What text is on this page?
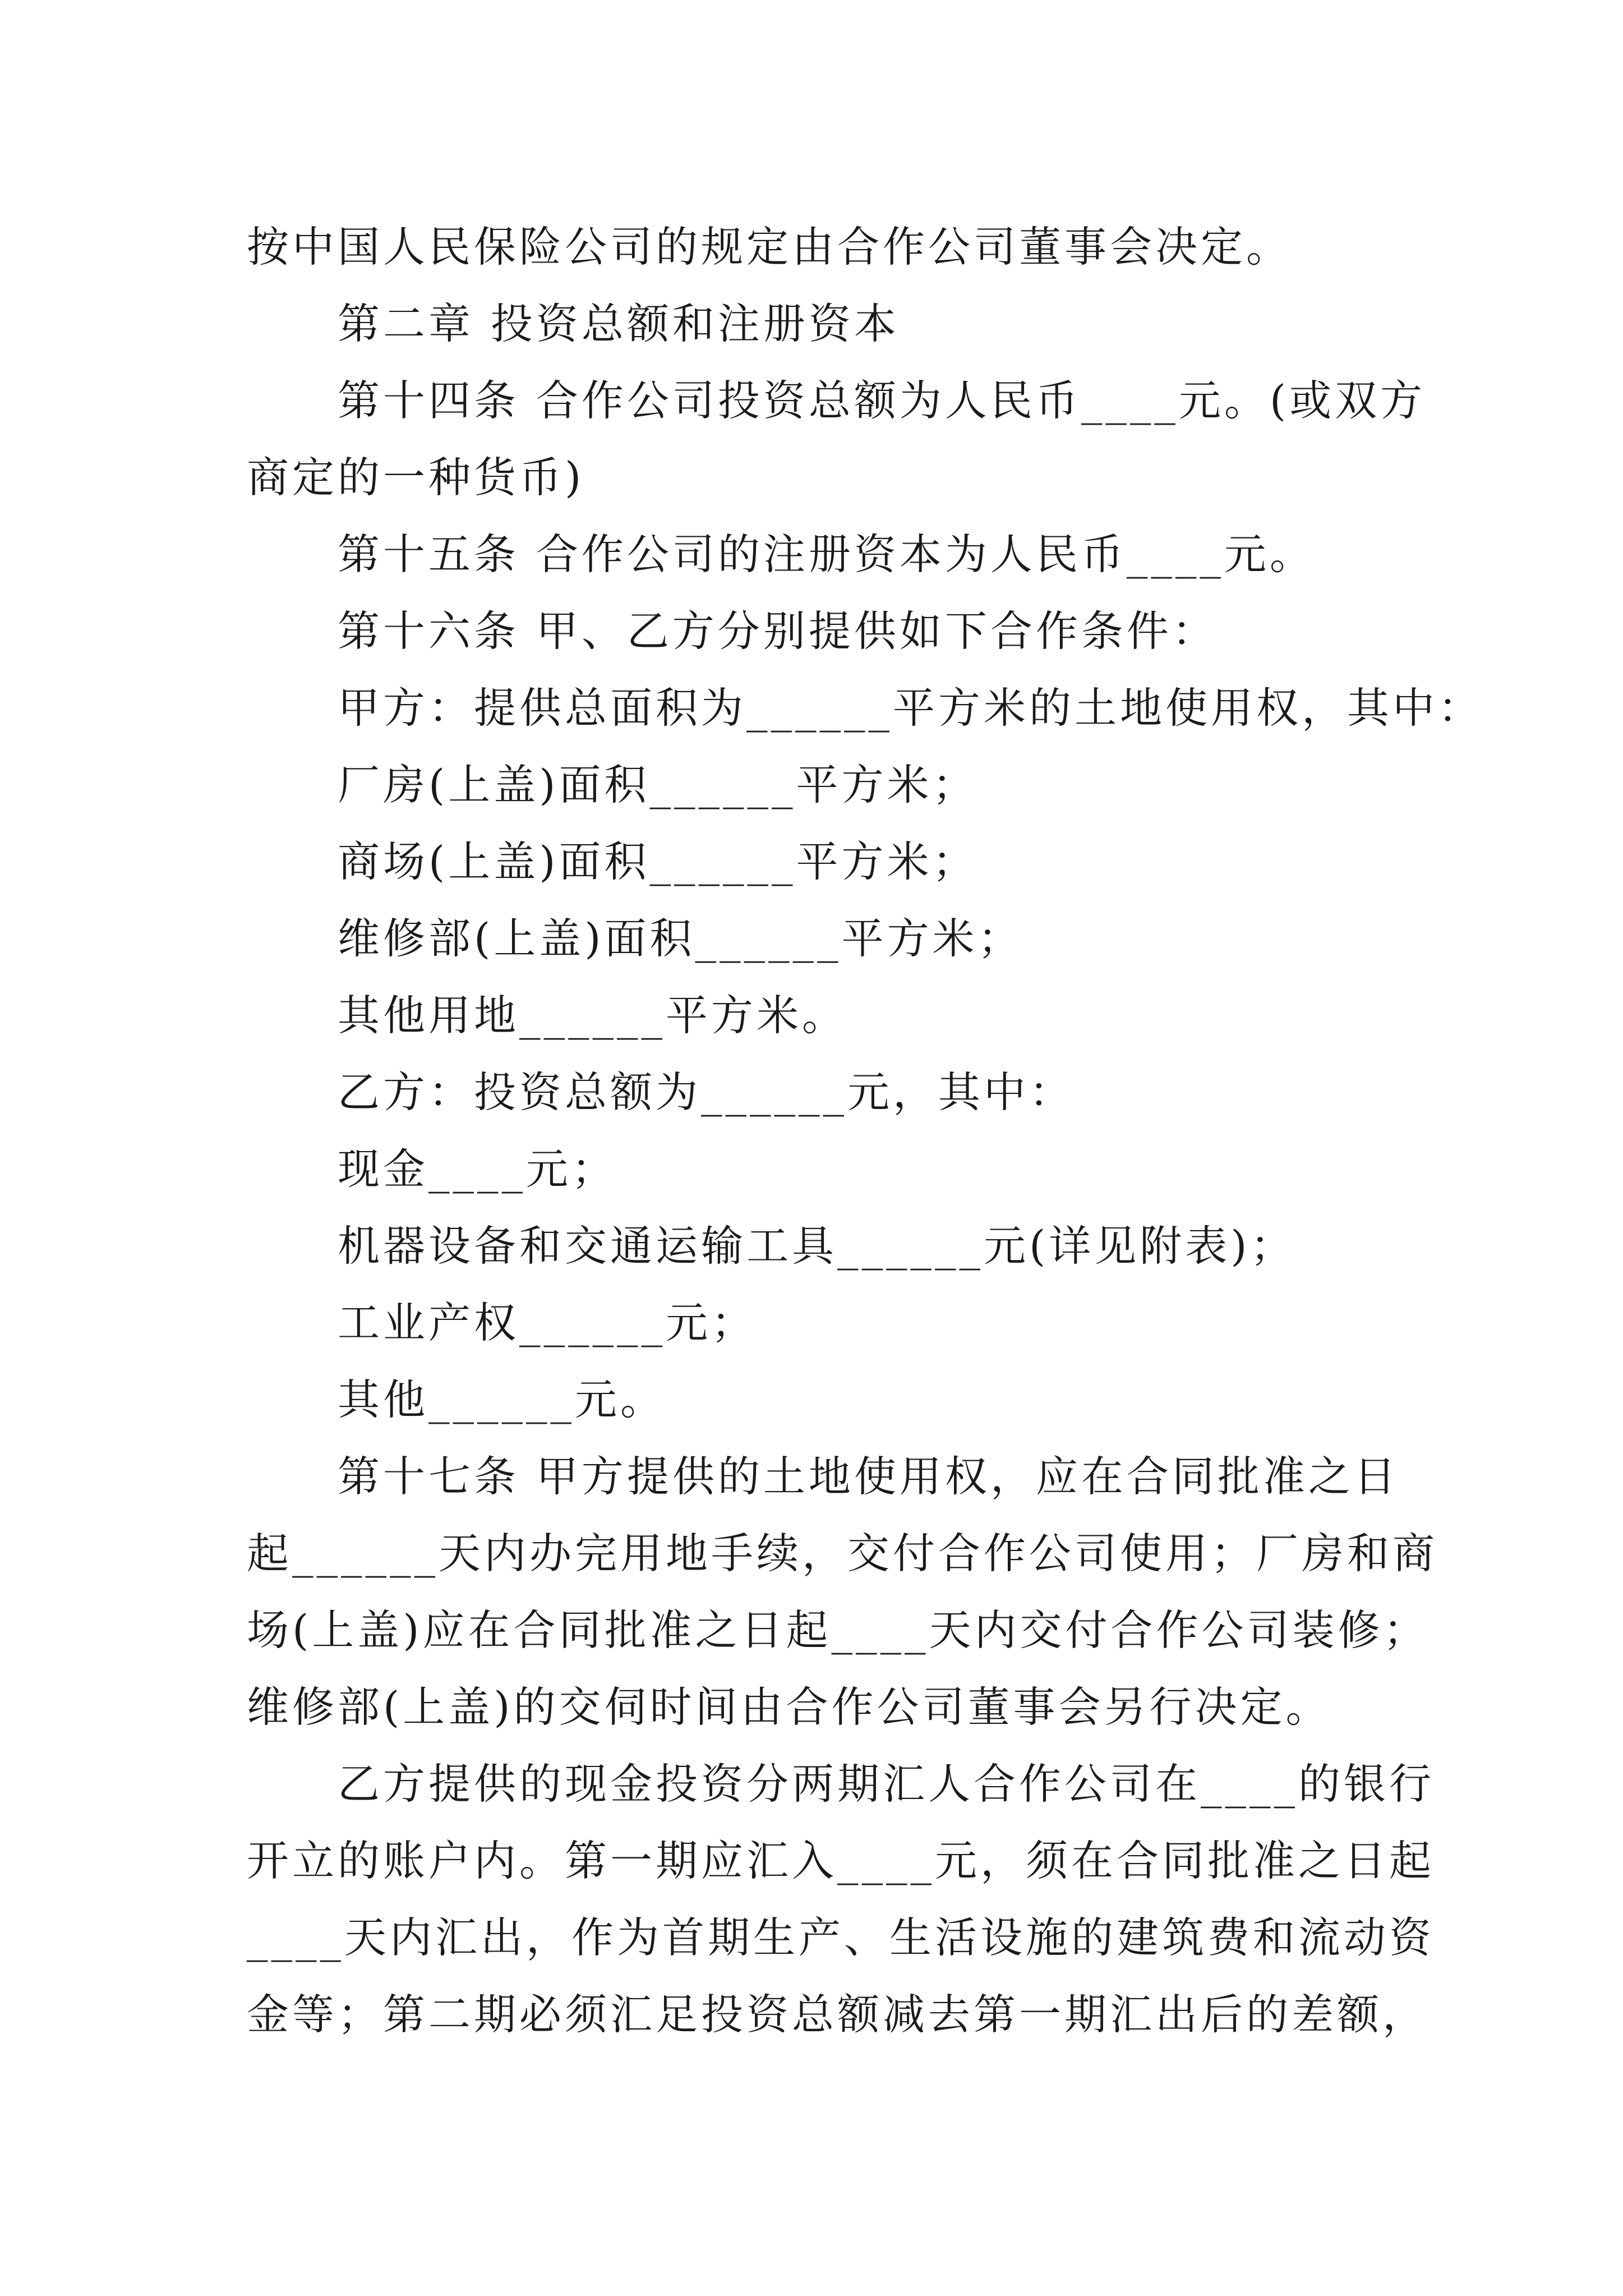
按中国人民保险公司的规定由合作公司董事会决定。
第二章 投资总额和注册资本
第十四条 合作公司投资总额为人民币____元。(或双方
商定的一种货币)
第十五条 合作公司的注册资本为人民币____元。
第十六条 甲、乙方分别提供如下合作条件：
甲方：提供总面积为______平方米的土地使用权，其中：
厂房(上盖)面积______平方米；
商场(上盖)面积______平方米；
维修部(上盖)面积______平方米；
其他用地______平方米。
乙方：投资总额为______元，其中：
现金____元；
机器设备和交通运输工具______元(详见附表)；
工业产权______元；
其他______元。
第十七条 甲方提供的土地使用权，应在合同批准之日
起______天内办完用地手续，交付合作公司使用；厂房和商
场(上盖)应在合同批准之日起____天内交付合作公司装修；
维修部(上盖)的交伺时间由合作公司董事会另行决定。
乙方提供的现金投资分两期汇人合作公司在____的银行
开立的账户内。第一期应汇入____元，须在合同批准之日起
____天内汇出，作为首期生产、生活设施的建筑费和流动资
金等；第二期必须汇足投资总额减去第一期汇出后的差额，
